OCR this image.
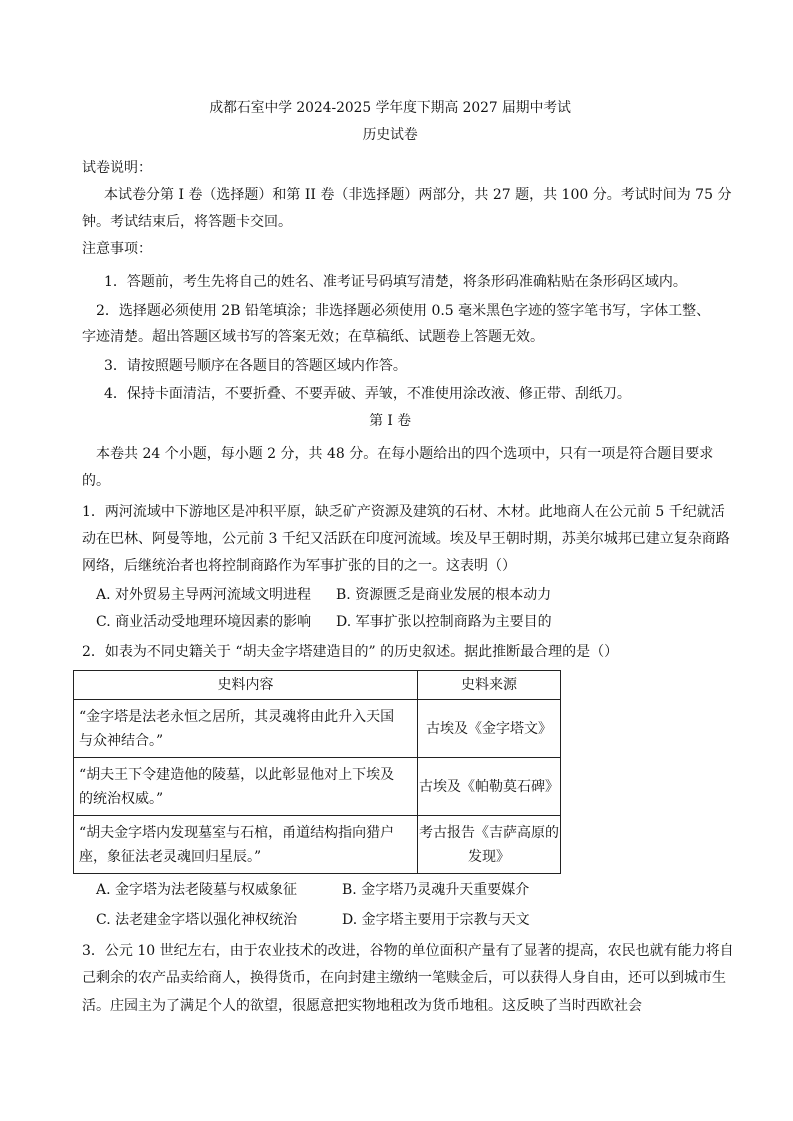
成都石室中学 2024-2025 学年度下期高 2027 届期中考试
历史试卷
试卷说明：
本试卷分第 I 卷（选择题）和第 II 卷（非选择题）两部分，共 27 题，共 100 分。考试时间为 75 分
钟。考试结束后，将答题卡交回。
注意事项：
1．答题前，考生先将自己的姓名、准考证号码填写清楚，将条形码准确粘贴在条形码区域内。
2．选择题必须使用 2B 铅笔填涂；非选择题必须使用 0.5 毫米黑色字迹的签字笔书写，字体工整、
字迹清楚。超出答题区域书写的答案无效；在草稿纸、试题卷上答题无效。
3．请按照题号顺序在各题目的答题区域内作答。
4．保持卡面清洁，不要折叠、不要弄破、弄皱，不准使用涂改液、修正带、刮纸刀。
第 I 卷
本卷共 24 个小题，每小题 2 分，共 48 分。在每小题给出的四个选项中，只有一项是符合题目要求
的。
1．两河流域中下游地区是冲积平原，缺乏矿产资源及建筑的石材、木材。此地商人在公元前 5 千纪就活
动在巴林、阿曼等地，公元前 3 千纪又活跃在印度河流域。埃及早王朝时期，苏美尔城邦已建立复杂商路
网络，后继统治者也将控制商路作为军事扩张的目的之一。这表明（）
A. 对外贸易主导两河流域文明进程 B. 资源匮乏是商业发展的根本动力
C. 商业活动受地理环境因素的影响 D. 军事扩张以控制商路为主要目的
2．如表为不同史籍关于 “胡夫金字塔建造目的” 的历史叙述。据此推断最合理的是（）
史料内容	史料来源
“金字塔是法老永恒之居所，其灵魂将由此升入天国
与众神结合。”	古埃及《金字塔文》
“胡夫王下令建造他的陵墓，以此彰显他对上下埃及
的统治权威。”	古埃及《帕勒莫石碑》
“胡夫金字塔内发现墓室与石棺，甬道结构指向猎户
座，象征法老灵魂回归星辰。”	考古报告《吉萨高原的
发现》
A. 金字塔为法老陵墓与权威象征	B. 金字塔乃灵魂升天重要媒介
C. 法老建金字塔以强化神权统治	D. 金字塔主要用于宗教与天文
3．公元 10 世纪左右，由于农业技术的改进，谷物的单位面积产量有了显著的提高，农民也就有能力将自
己剩余的农产品卖给商人，换得货币，在向封建主缴纳一笔赎金后，可以获得人身自由，还可以到城市生
活。庄园主为了满足个人的欲望，很愿意把实物地租改为货币地租。这反映了当时西欧社会
